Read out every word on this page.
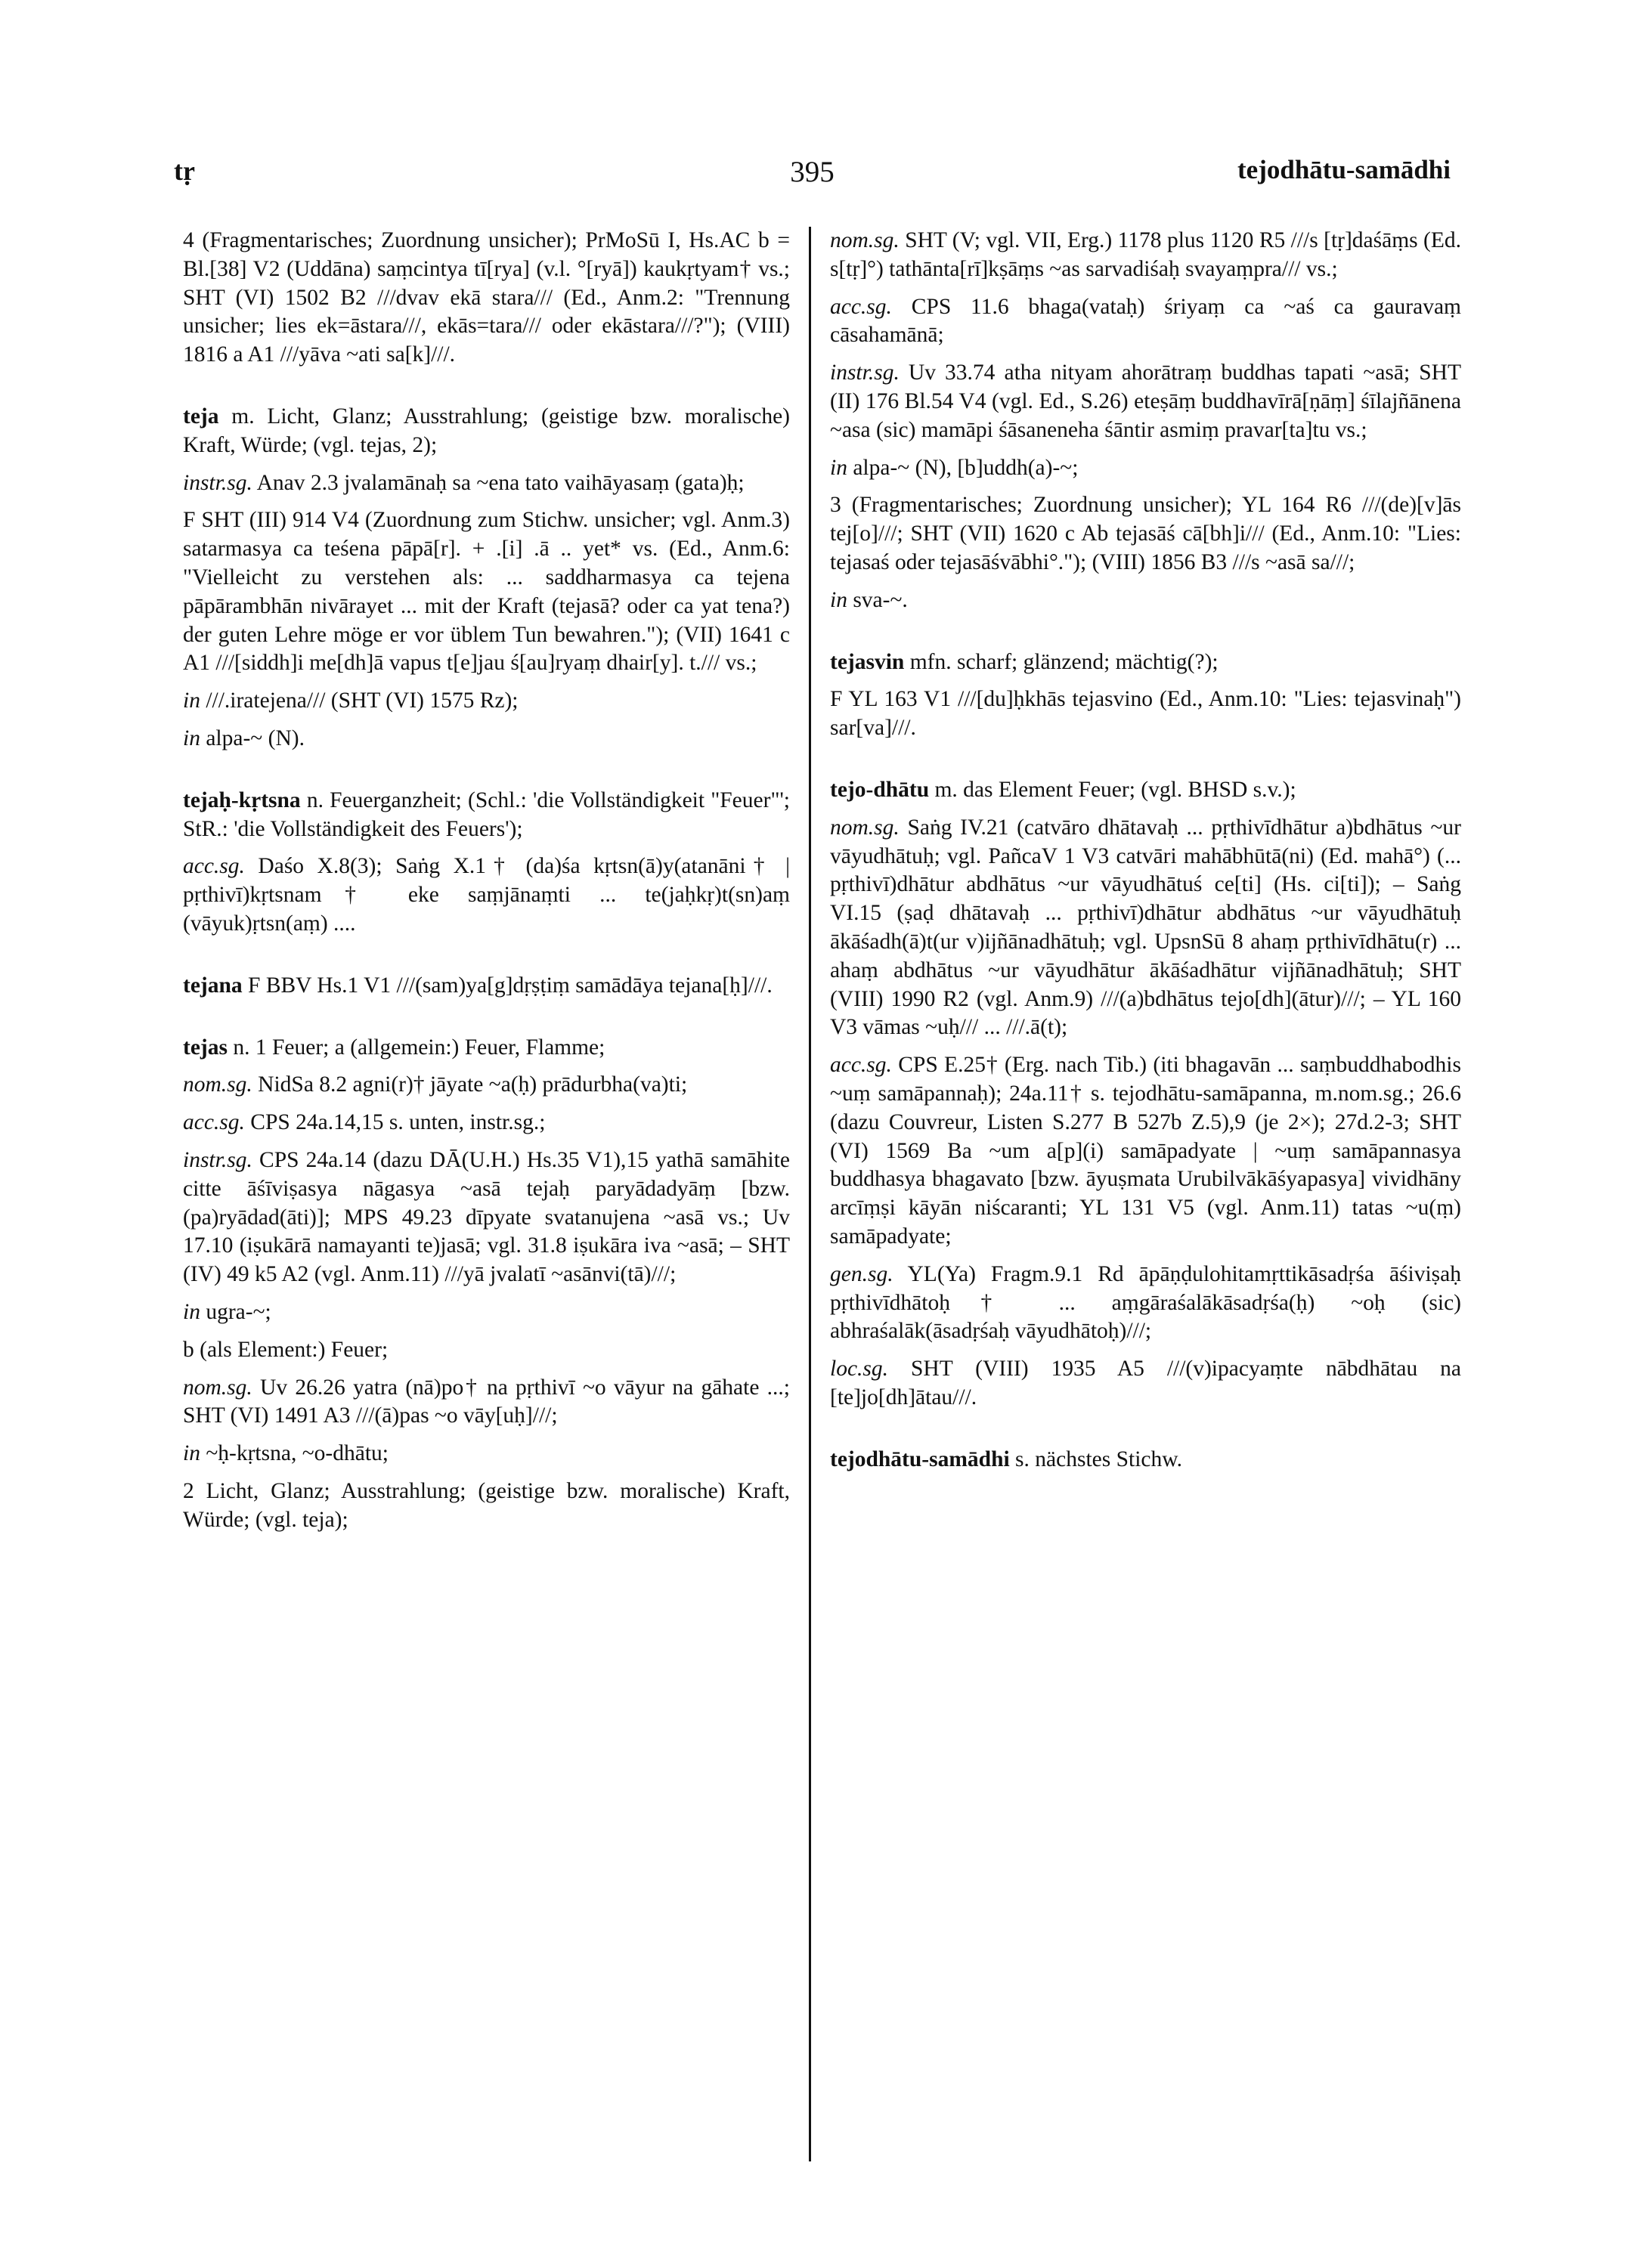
tṛ	395	tejodhātu-samādhi

4 (Fragmentarisches; Zuordnung unsicher); PrMoSū I, Hs.AC b = Bl.[38] V2 (Uddāna) saṃcintya tī[rya] (v.l. °[ryā]) kaukṛtyam† vs.; SHT (VI) 1502 B2 ///dvav ekā stara/// (Ed., Anm.2: "Trennung unsicher; lies ek=āstara///, ekās=tara/// oder ekāstara///?"); (VIII) 1816 a A1 ///yāva ~ati sa[k]///.

teja m. Licht, Glanz; Ausstrahlung; (geistige bzw. moralische) Kraft, Würde; (vgl. tejas, 2);

instr.sg. Anav 2.3 jvalamānaḥ sa ~ena tato vaihāyasaṃ (gata)ḥ;

F SHT (III) 914 V4 (Zuordnung zum Stichw. unsicher; vgl. Anm.3) satarmasya ca teśena pāpā[r]. + .[i] .ā .. yet* vs. (Ed., Anm.6: "Vielleicht zu verstehen als: ... saddharmasya ca tejena pāpārambhān nivārayet ... mit der Kraft (tejasā? oder ca yat tena?) der guten Lehre möge er vor üblem Tun bewahren."); (VII) 1641 c A1 ///[siddh]i me[dh]ā vapus t[e]jau ś[au]ryaṃ dhair[y]. t./// vs.;

in ///.iratejena/// (SHT (VI) 1575 Rz);

in alpa-~ (N).

tejaḥ-kṛtsna n. Feuerganzheit; (Schl.: 'die Vollständigkeit "Feuer"'; StR.: 'die Vollständigkeit des Feuers');

acc.sg. Daśo X.8(3); Saṅg X.1† (da)śa kṛtsn(ā)y(atanāni† | pṛthivī)kṛtsnam† eke saṃjānaṃti ... te(jaḥkṛ)t(sn)aṃ (vāyuk)ṛtsn(aṃ) ....

tejana F BBV Hs.1 V1 ///(sam)ya[g]dṛṣṭiṃ samādāya tejana[ḥ]///.

tejas n. 1 Feuer; a (allgemein:) Feuer, Flamme;

nom.sg. NidSa 8.2 agni(r)† jāyate ~a(ḥ) prādurbha(va)ti;

acc.sg. CPS 24a.14,15 s. unten, instr.sg.;

instr.sg. CPS 24a.14 (dazu DĀ(U.H.) Hs.35 V1),15 yathā samāhite citte āśīviṣasya nāgasya ~asā tejaḥ paryādadyāṃ [bzw. (pa)ryādad(āti)]; MPS 49.23 dīpyate svatanujena ~asā vs.; Uv 17.10 (iṣukārā namayanti te)jasā; vgl. 31.8 iṣukāra iva ~asā; – SHT (IV) 49 k5 A2 (vgl. Anm.11) ///yā jvalatī ~asānvi(tā)///;

in ugra-~;

b (als Element:) Feuer;

nom.sg. Uv 26.26 yatra (nā)po† na pṛthivī ~o vāyur na gāhate ...; SHT (VI) 1491 A3 ///(ā)pas ~o vāy[uḥ]///;

in ~ḥ-kṛtsna, ~o-dhātu;

2 Licht, Glanz; Ausstrahlung; (geistige bzw. moralische) Kraft, Würde; (vgl. teja);

nom.sg. SHT (V; vgl. VII, Erg.) 1178 plus 1120 R5 ///s [tṛ]daśāṃs (Ed. s[tṛ]°) tathānta[rī]kṣāṃs ~as sarvadiśaḥ svayaṃpra/// vs.;

acc.sg. CPS 11.6 bhaga(vataḥ) śriyaṃ ca ~aś ca gauravaṃ cāsahamānā;

instr.sg. Uv 33.74 atha nityam ahorātraṃ buddhas tapati ~asā; SHT (II) 176 Bl.54 V4 (vgl. Ed., S.26) eteṣāṃ buddhavīrā[ṇāṃ] śīlajñānena ~asa (sic) mamāpi śāsaneneha śāntir asmiṃ pravar[ta]tu vs.;

in alpa-~ (N), [b]uddh(a)-~;

3 (Fragmentarisches; Zuordnung unsicher); YL 164 R6 ///(de)[v]ās tej[o]///; SHT (VII) 1620 c Ab tejasāś cā[bh]i/// (Ed., Anm.10: "Lies: tejasaś oder tejasāśvābhi°."); (VIII) 1856 B3 ///s ~asā sa///;

in sva-~.

tejasvin mfn. scharf; glänzend; mächtig(?);

F YL 163 V1 ///[du]ḥkhās tejasvino (Ed., Anm.10: "Lies: tejasvinaḥ") sar[va]///.

tejo-dhātu m. das Element Feuer; (vgl. BHSD s.v.);

nom.sg. Saṅg IV.21 (catvāro dhātavaḥ ... pṛthivīdhātur a)bdhātus ~ur vāyudhātuḥ; vgl. PañcaV 1 V3 catvāri mahābhūtā(ni) (Ed. mahā°) (... pṛthivī)dhātur abdhātus ~ur vāyudhātuś ce[ti] (Hs. ci[ti]); – Saṅg VI.15 (ṣaḍ dhātavaḥ ... pṛthivī)dhātur abdhātus ~ur vāyudhātuḥ ākāśadh(ā)t(ur v)ijñānadhātuḥ; vgl. UpsnSū 8 ahaṃ pṛthivīdhātu(r) ... ahaṃ abdhātus ~ur vāyudhātur ākāśadhātur vijñānadhātuḥ; SHT (VIII) 1990 R2 (vgl. Anm.9) ///(a)bdhātus tejo[dh](ātur)///; – YL 160 V3 vāmas ~uḥ/// ... ///.ā(t);

acc.sg. CPS E.25† (Erg. nach Tib.) (iti bhagavān ... saṃbuddhabodhis ~uṃ samāpannaḥ); 24a.11† s. tejodhātu-samāpanna, m.nom.sg.; 26.6 (dazu Couvreur, Listen S.277 B 527b Z.5),9 (je 2×); 27d.2-3; SHT (VI) 1569 Ba ~um a[p](i) samāpadyate | ~uṃ samāpannasya buddhasya bhagavato [bzw. āyuṣmata Urubilvākāśyapasya] vividhāny arcīṃṣi kāyān niścaranti; YL 131 V5 (vgl. Anm.11) tatas ~u(ṃ) samāpadyate;

gen.sg. YL(Ya) Fragm.9.1 Rd āpāṇḍulohitamṛttikāsadṛśa āśiviṣaḥ pṛthivīdhātoḥ† ... aṃgāraśalākāsadṛśa(ḥ) ~oḥ (sic) abhraśalāk(āsadṛśaḥ vāyudhātoḥ)///;

loc.sg. SHT (VIII) 1935 A5 ///(v)ipacyaṃte nābdhātau na [te]jo[dh]ātau///.

tejodhātu-samādhi s. nächstes Stichw.
